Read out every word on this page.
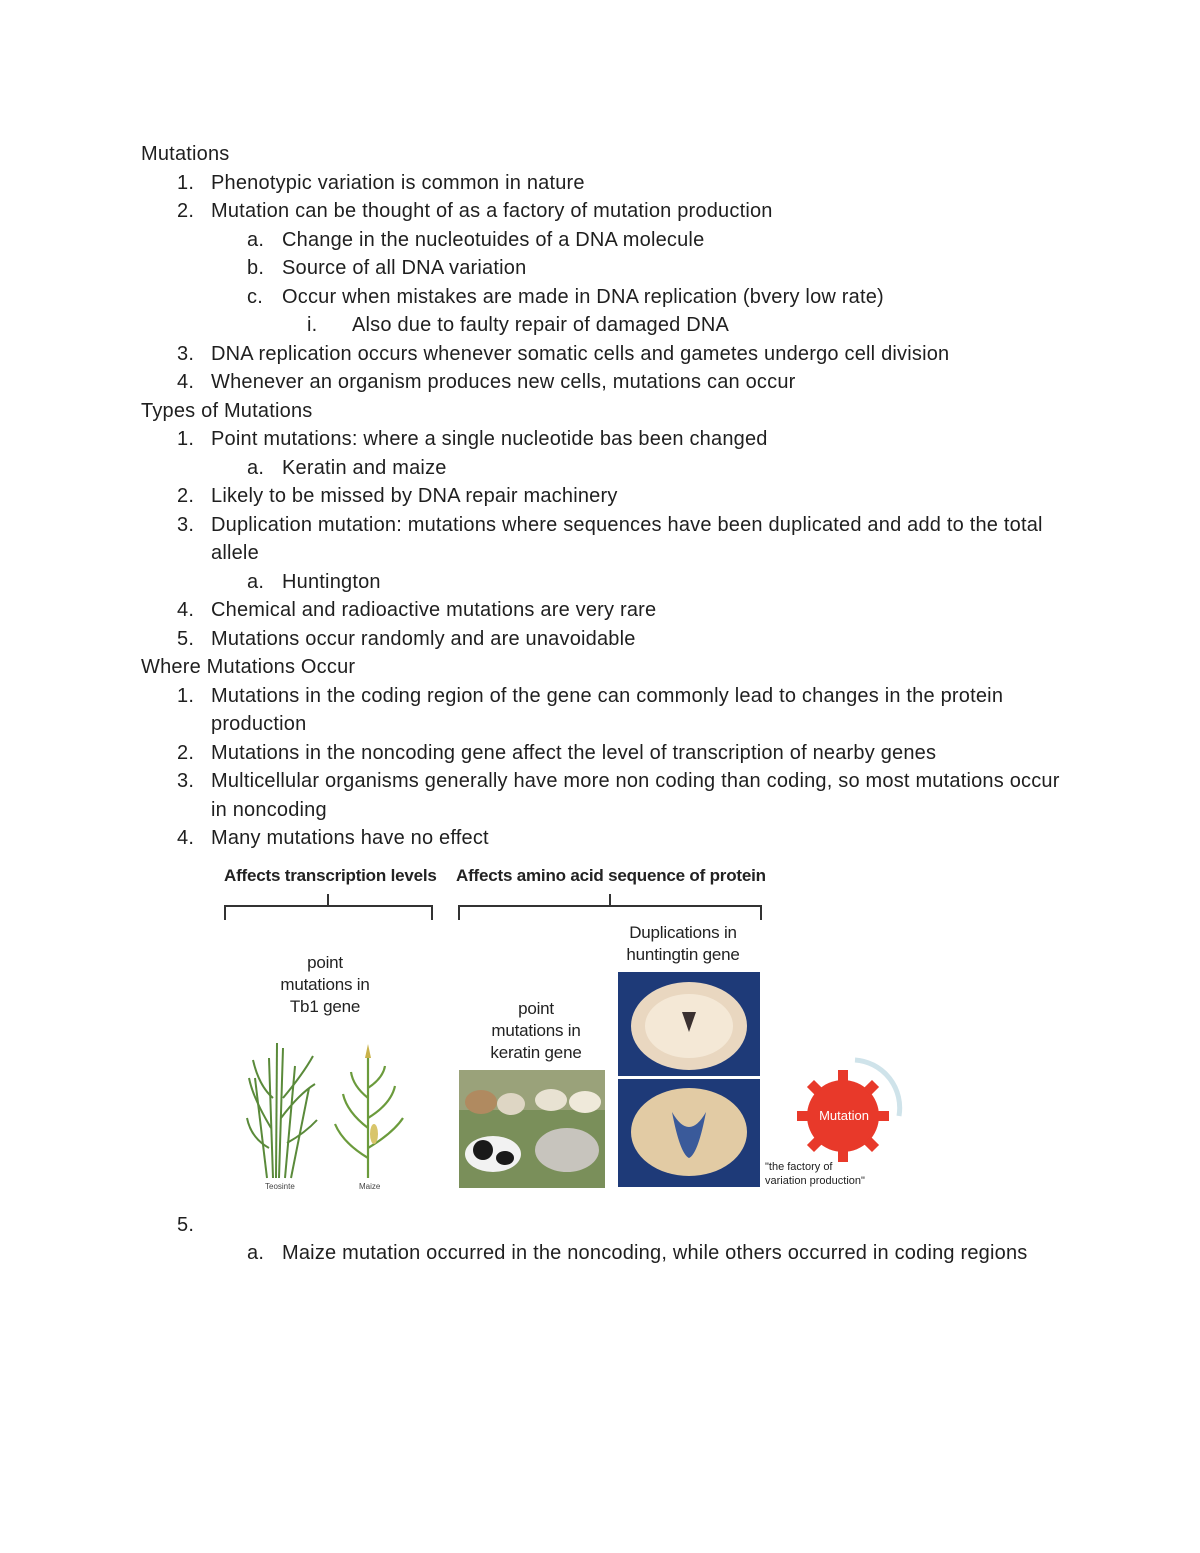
Mutations

1. Phenotypic variation is common in nature
2. Mutation can be thought of as a factory of mutation production
a. Change in the nucleotuides of a DNA molecule
b. Source of all DNA variation
c. Occur when mistakes are made in DNA replication (bvery low rate)
i. Also due to faulty repair of damaged DNA
3. DNA replication occurs whenever somatic cells and gametes undergo cell division
4. Whenever an organism produces new cells, mutations can occur

Types of Mutations

1. Point mutations: where a single nucleotide bas been changed
a. Keratin and maize
2. Likely to be missed by DNA repair machinery
3. Duplication mutation: mutations where sequences have been duplicated and add to the total allele
a. Huntington
4. Chemical and radioactive mutations are very rare
5. Mutations occur randomly and are unavoidable

Where Mutations Occur

1. Mutations in the coding region of the gene can commonly lead to changes in the protein production
2. Mutations in the noncoding gene affect the level of transcription of nearby genes
3. Multicellular organisms generally have more non coding than coding, so most mutations occur in noncoding
4. Many mutations have no effect
5.

a. Maize mutation occurred in the noncoding, while others occurred in coding regions
Affects transcription levels Affects amino acid sequence of protein
point
mutations in
Tb1 gene
Teosinte	Maize
point
mutations in
keratin gene
Duplications in
huntingtin gene
Mutation
"the factory of
variation production"
